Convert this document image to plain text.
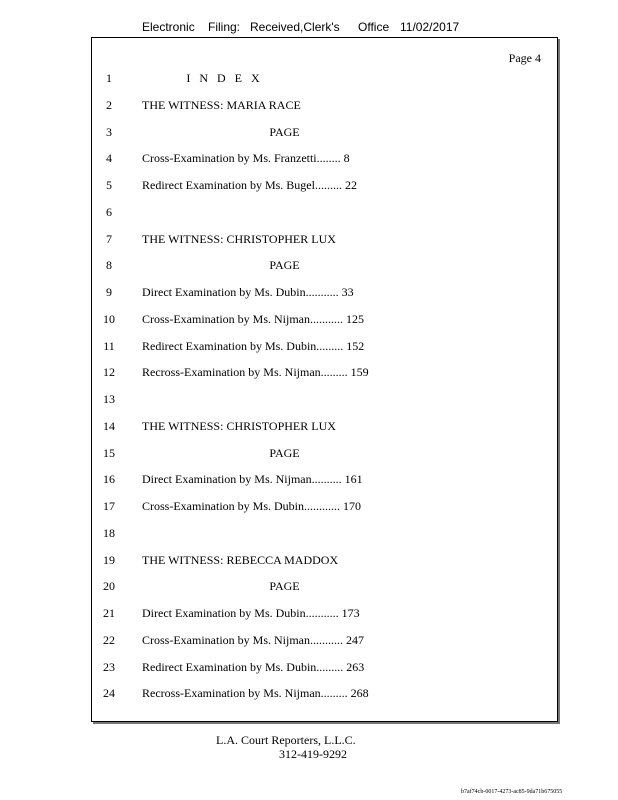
Electronic Filing: Received,Clerk's Office 11/02/2017
Page 4
1	I N D E X
2	THE WITNESS: MARIA RACE
3	PAGE
4	Cross-Examination by Ms. Franzetti........ 8
5	Redirect Examination by Ms. Bugel......... 22
6
7	THE WITNESS: CHRISTOPHER LUX
8	PAGE
9	Direct Examination by Ms. Dubin........... 33
10	Cross-Examination by Ms. Nijman........... 125
11	Redirect Examination by Ms. Dubin......... 152
12	Recross-Examination by Ms. Nijman......... 159
13
14	THE WITNESS: CHRISTOPHER LUX
15	PAGE
16	Direct Examination by Ms. Nijman.......... 161
17	Cross-Examination by Ms. Dubin............ 170
18
19	THE WITNESS: REBECCA MADDOX
20	PAGE
21	Direct Examination by Ms. Dubin........... 173
22	Cross-Examination by Ms. Nijman........... 247
23	Redirect Examination by Ms. Dubin......... 263
24	Recross-Examination by Ms. Nijman......... 268
L.A. Court Reporters, L.L.C.
312-419-9292
b7af74cb-0017-4273-ac85-9da71b675055
